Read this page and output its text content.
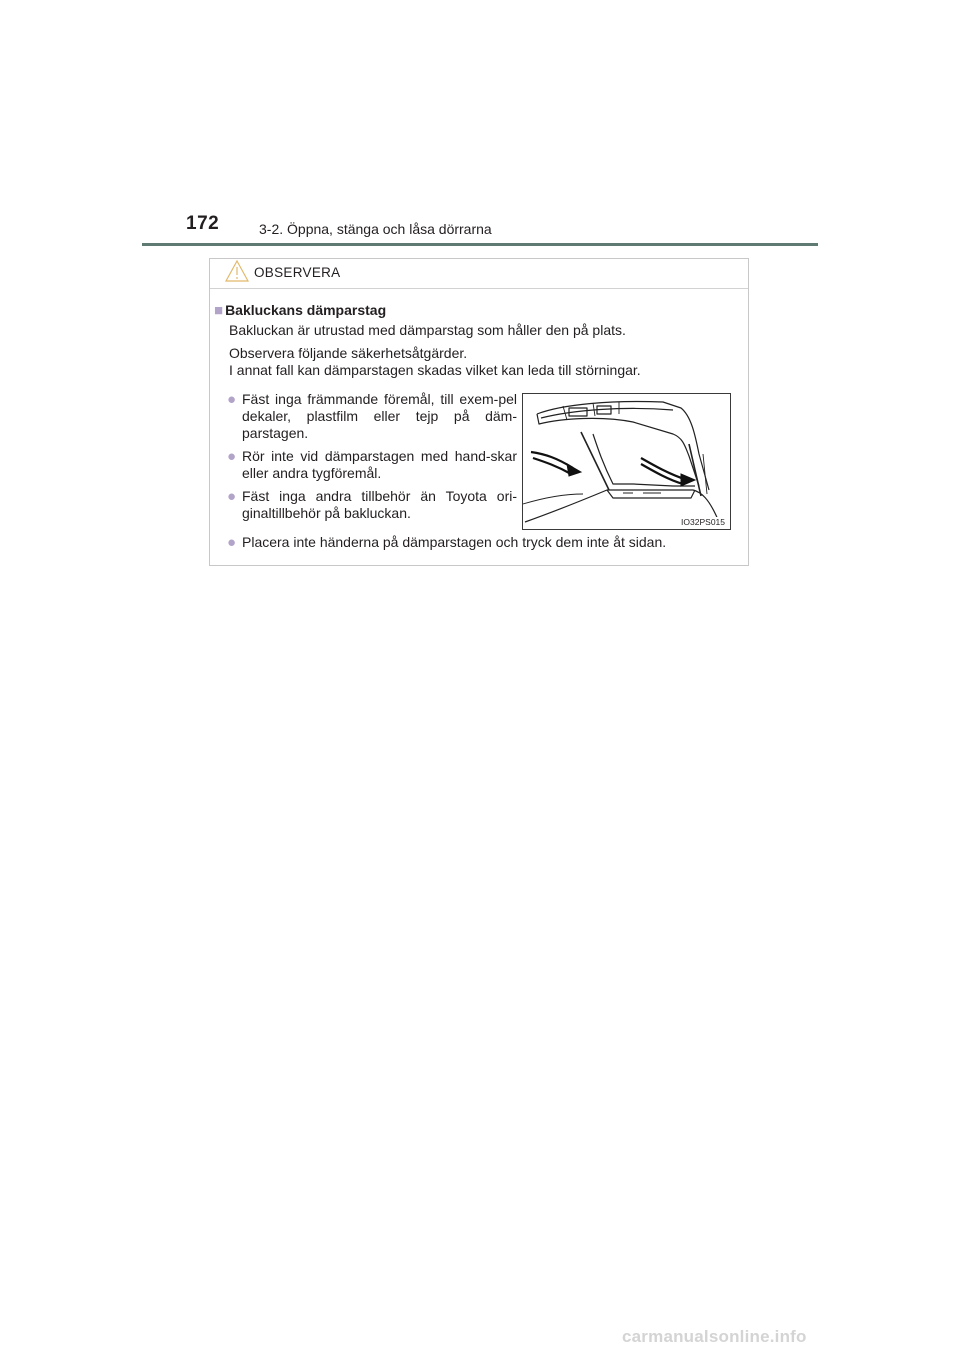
172	3-2. Öppna, stänga och låsa dörrarna
OBSERVERA
■ Bakluckans dämparstag
Bakluckan är utrustad med dämparstag som håller den på plats.
Observera följande säkerhetsåtgärder.
I annat fall kan dämparstagen skadas vilket kan leda till störningar.
● Fäst inga främmande föremål, till exem-pel dekaler, plastfilm eller tejp på däm-parstagen.
● Rör inte vid dämparstagen med hand-skar eller andra tygföremål.
● Fäst inga andra tillbehör än Toyota ori-ginaltillbehör på bakluckan.
● Placera inte händerna på dämparstagen och tryck dem inte åt sidan.
IO32PS015
carmanualsonline.info
